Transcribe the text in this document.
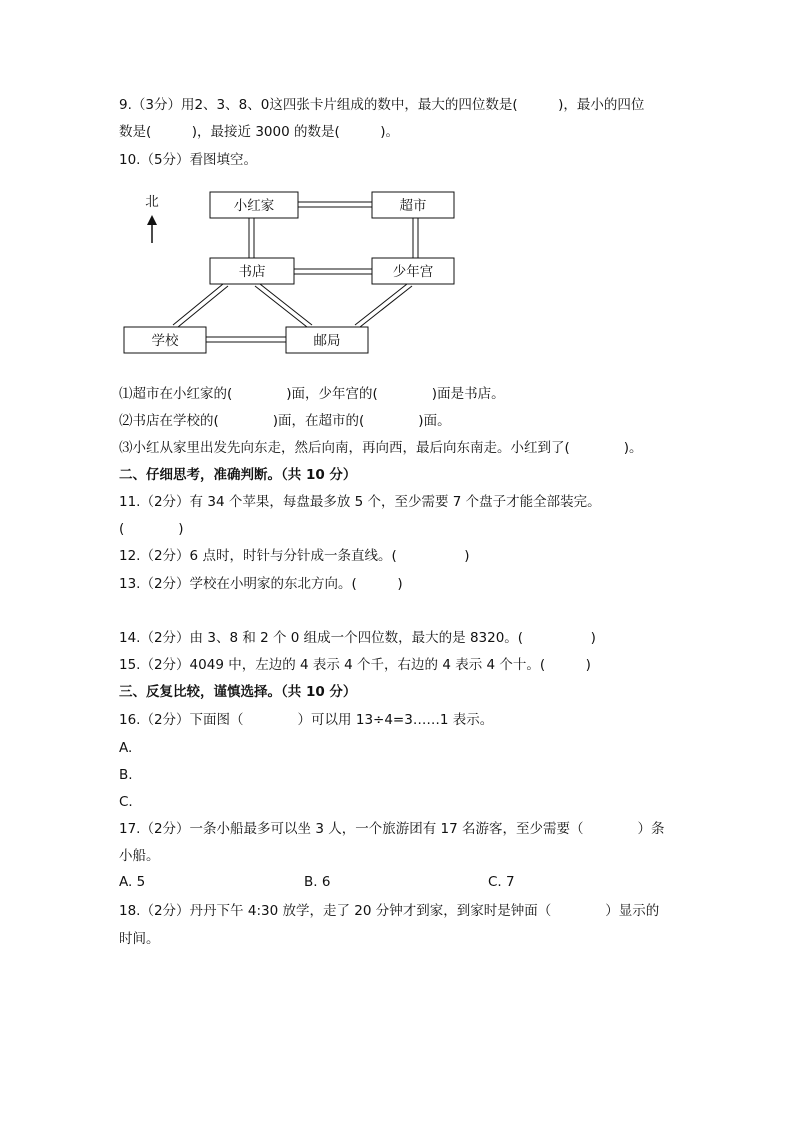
9.（3分）用2、3、8、0这四张卡片组成的数中，最大的四位数是(　　　)，最小的四位
数是(　　　)，最接近 3000 的数是(　　　)。
10.（5分）看图填空。
北	小红家	超市
书店	少年宫
学校	邮局
⑴超市在小红家的(　　　　)面，少年宫的(　　　　)面是书店。
⑵书店在学校的(　　　　)面，在超市的(　　　　)面。
⑶小红从家里出发先向东走，然后向南，再向西，最后向东南走。小红到了(　　　　)。
二、仔细思考，准确判断。（共 10 分）
11.（2分）有 34 个苹果，每盘最多放 5 个，至少需要 7 个盘子才能全部装完。
(　　　　)
12.（2分）6 点时，时针与分针成一条直线。(　　　　　)
13.（2分）学校在小明家的东北方向。(　　　)
14.（2分）由 3、8 和 2 个 0 组成一个四位数，最大的是 8320。(　　　　　)
15.（2分）4049 中，左边的 4 表示 4 个千，右边的 4 表示 4 个十。(　　　)
三、反复比较，谨慎选择。（共 10 分）
16.（2分）下面图（　　　　）可以用 13÷4=3……1 表示。
A.
B.
C.
17.（2分）一条小船最多可以坐 3 人，一个旅游团有 17 名游客，至少需要（　　　　）条
小船。
A. 5	B. 6	C. 7
18.（2分）丹丹下午 4:30 放学，走了 20 分钟才到家，到家时是钟面（　　　　）显示的
时间。
